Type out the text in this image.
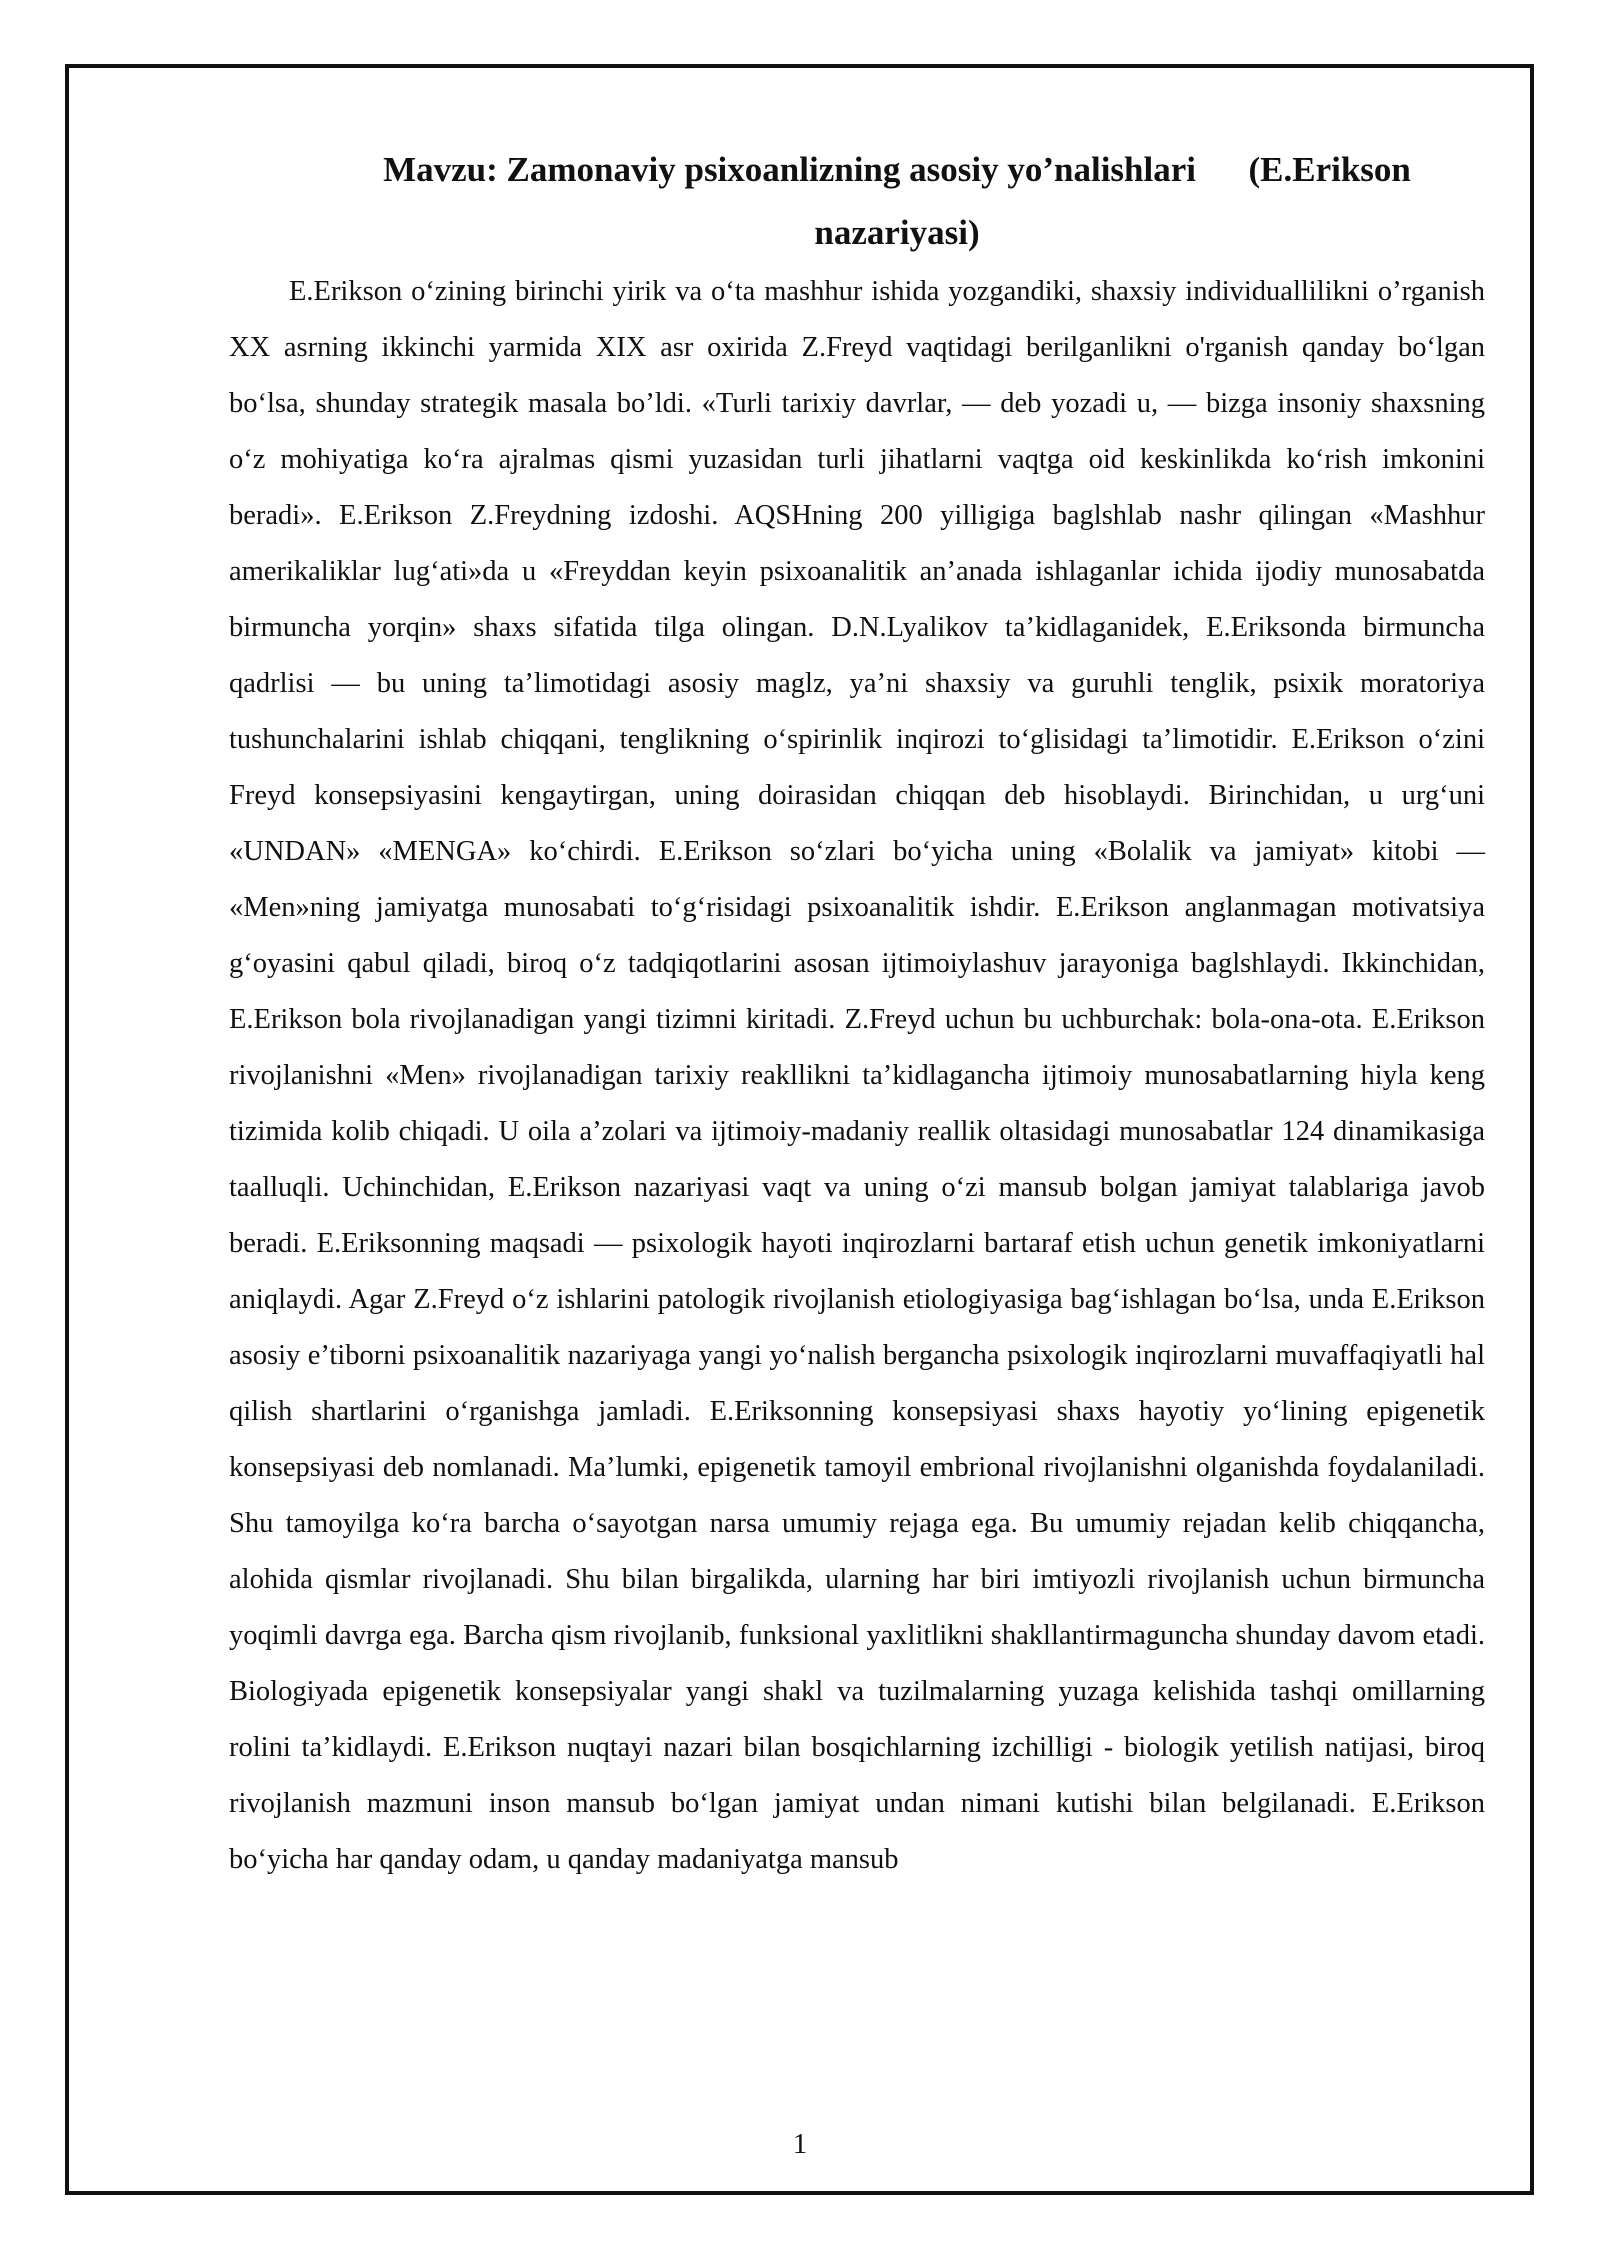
Mavzu: Zamonaviy psixoanlizning asosiy yo’nalishlari      (E.Erikson
nazariyasi)

E.Erikson o‘zining birinchi yirik va o‘ta mashhur ishida yozgandiki, shaxsiy individuallilikni o’rganish XX asrning ikkinchi yarmida XIX asr oxirida Z.Freyd vaqtidagi berilganlikni o'rganish qanday bo‘lgan bo‘lsa, shunday strategik masala bo’ldi. «Turli tarixiy davrlar, — deb yozadi u, — bizga insoniy shaxsning o‘z mohiyatiga ko‘ra ajralmas qismi yuzasidan turli jihatlarni vaqtga oid keskinlikda ko‘rish imkonini beradi». E.Erikson Z.Freydning izdoshi. AQSHning 200 yilligiga baglshlab nashr qilingan «Mashhur amerikaliklar lug‘ati»da u «Freyddan keyin psixoanalitik an’anada ishlaganlar ichida ijodiy munosabatda birmuncha yorqin» shaxs sifatida tilga olingan. D.N.Lyalikov ta’kidlaganidek, E.Eriksonda birmuncha qadrlisi — bu uning ta’limotidagi asosiy maglz, ya’ni shaxsiy va guruhli tenglik, psixik moratoriya tushunchalarini ishlab chiqqani, tenglikning o‘spirinlik inqirozi to‘glisidagi ta’limotidir. E.Erikson o‘zini Freyd konsepsiyasini kengaytirgan, uning doirasidan chiqqan deb hisoblaydi. Birinchidan, u urg‘uni «UNDAN» «MENGA» ko‘chirdi. E.Erikson so‘zlari bo‘yicha uning «Bolalik va jamiyat» kitobi — «Men»ning jamiyatga munosabati to‘g‘risidagi psixoanalitik ishdir. E.Erikson anglanmagan motivatsiya g‘oyasini qabul qiladi, biroq o‘z tadqiqotlarini asosan ijtimoiylashuv jarayoniga baglshlaydi. Ikkinchidan, E.Erikson bola rivojlanadigan yangi tizimni kiritadi. Z.Freyd uchun bu uchburchak: bola-ona-ota. E.Erikson rivojlanishni «Men» rivojlanadigan tarixiy reakllikni ta’kidlagancha ijtimoiy munosabatlarning hiyla keng tizimida kolib chiqadi. U oila a’zolari va ijtimoiy-madaniy reallik oltasidagi munosabatlar 124 dinamikasiga taalluqli. Uchinchidan, E.Erikson nazariyasi vaqt va uning o‘zi mansub bolgan jamiyat talablariga javob beradi. E.Eriksonning maqsadi — psixologik hayoti inqirozlarni bartaraf etish uchun genetik imkoniyatlarni aniqlaydi. Agar Z.Freyd o‘z ishlarini patologik rivojlanish etiologiyasiga bag‘ishlagan bo‘lsa, unda E.Erikson asosiy e’tiborni psixoanalitik nazariyaga yangi yo‘nalish bergancha psixologik inqirozlarni muvaffaqiyatli hal qilish shartlarini o‘rganishga jamladi. E.Eriksonning konsepsiyasi shaxs hayotiy yo‘lining epigenetik konsepsiyasi deb nomlanadi. Ma’lumki, epigenetik tamoyil embrional rivojlanishni olganishda foydalaniladi. Shu tamoyilga ko‘ra barcha o‘sayotgan narsa umumiy rejaga ega. Bu umumiy rejadan kelib chiqqancha, alohida qismlar rivojlanadi. Shu bilan birgalikda, ularning har biri imtiyozli rivojlanish uchun birmuncha yoqimli davrga ega. Barcha qism rivojlanib, funksional yaxlitlikni shakllantirmaguncha shunday davom etadi. Biologiyada epigenetik konsepsiyalar yangi shakl va tuzilmalarning yuzaga kelishida tashqi omillarning rolini ta’kidlaydi. E.Erikson nuqtayi nazari bilan bosqichlarning izchilligi - biologik yetilish natijasi, biroq rivojlanish mazmuni inson mansub bo‘lgan jamiyat undan nimani kutishi bilan belgilanadi. E.Erikson bo‘yicha har qanday odam, u qanday madaniyatga mansub

1
